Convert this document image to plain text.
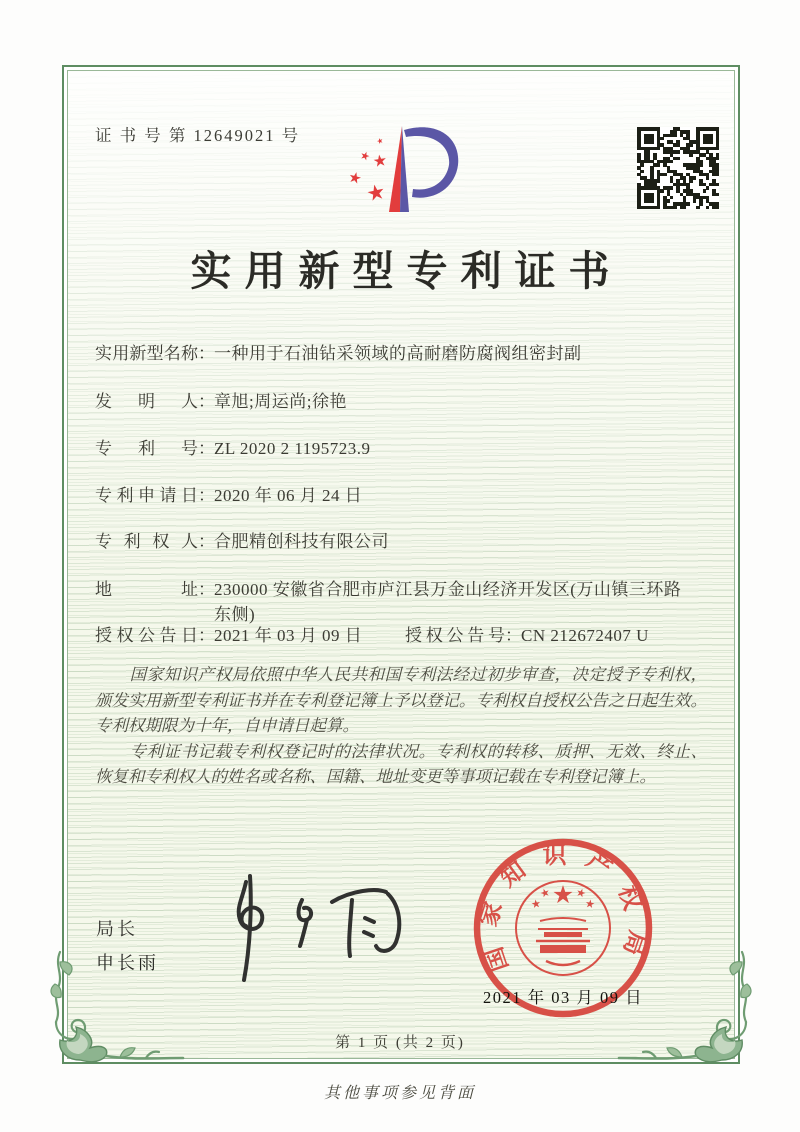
证 书 号 第 12649021 号
实用新型专利证书
实用新型名称：一种用于石油钻采领域的高耐磨防腐阀组密封副
发明人：章旭;周运尚;徐艳
专利号：ZL 2020 2 1195723.9
专利申请日：2020 年 06 月 24 日
专利权人：合肥精创科技有限公司
地址：230000 安徽省合肥市庐江县万金山经济开发区(万山镇三环路东侧)
授权公告日：2021 年 03 月 09 日	授权公告号：CN 212672407 U

国家知识产权局依照中华人民共和国专利法经过初步审查，决定授予专利权，颁发实用新型专利证书并在专利登记簿上予以登记。专利权自授权公告之日起生效。专利权期限为十年，自申请日起算。

专利证书记载专利权登记时的法律状况。专利权的转移、质押、无效、终止、恢复和专利权人的姓名或名称、国籍、地址变更等事项记载在专利登记簿上。

局长
申长雨	国家知识产权局
2021 年 03 月 09 日
第 1 页 (共 2 页)
其他事项参见背面
